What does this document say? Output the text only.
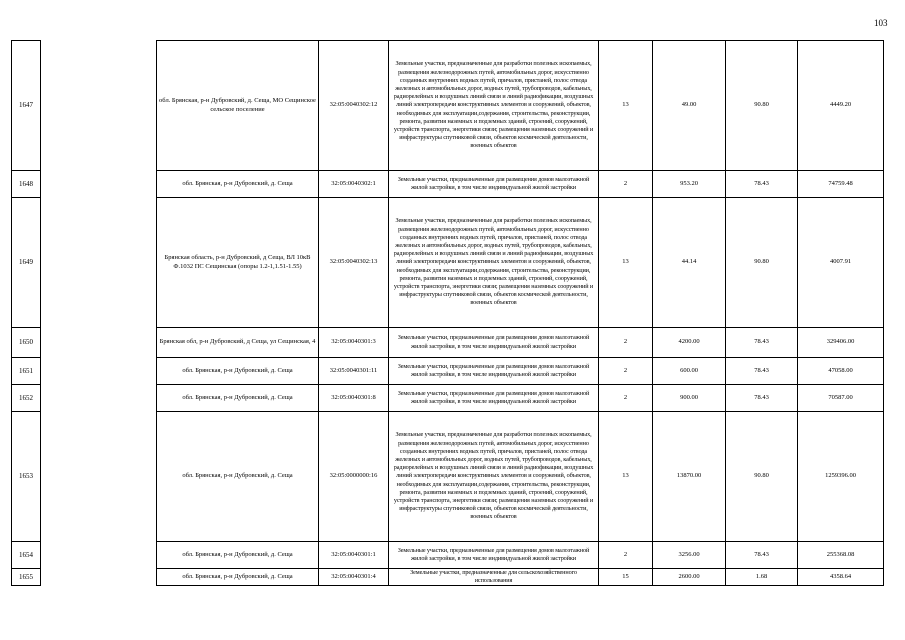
103
1647		обл. Брянская, р-н Дубровский, д. Сеща, МО Сещинское сельское поселение	32:05:0040302:12	Земельные участки, предназначенные для разработки полезных ископаемых, размещения железнодорожных путей, автомобильных дорог, искусственно созданных внутренних водных путей, причалов, пристаней, полос отвода железных и автомобильных дорог, водных путей, трубопроводов, кабельных, радиорелейных и воздушных линий связи и линий радиофикации, воздушных линий электропередачи конструктивных элементов и сооружений, объектов, необходимых для эксплуатации,содержания, строительства, реконструкции, ремонта, развития наземных и подземных зданий, строений, сооружений, устройств транспорта, энергетики связи; размещения наземных сооружений и инфраструктуры спутниковой связи, объектов космической деятельности, военных объектов	13	49.00	90.80	4449.20
1648		обл. Брянская, р-н Дубровский, д. Сеща	32:05:0040302:1	Земельные участки, предназначенные для размещения домов малоэтажной жилой застройки, в том числе индивидуальной жилой застройки	2	953.20	78.43	74759.48
1649		Брянская область, р-н Дубровский, д Сеща, ВЛ 10кВ Ф.1032 ПС Сещинская (опоры 1.2-1,1.51-1.55)	32:05:0040302:13	Земельные участки, предназначенные для разработки полезных ископаемых, размещения железнодорожных путей, автомобильных дорог, искусственно созданных внутренних водных путей, причалов, пристаней, полос отвода железных и автомобильных дорог, водных путей, трубопроводов, кабельных, радиорелейных и воздушных линий связи и линий радиофикации, воздушных линий электропередачи конструктивных элементов и сооружений, объектов, необходимых для эксплуатации,содержания, строительства, реконструкции, ремонта, развития наземных и подземных зданий, строений, сооружений, устройств транспорта, энергетики связи; размещения наземных сооружений и инфраструктуры спутниковой связи, объектов космической деятельности, военных объектов	13	44.14	90.80	4007.91
1650		Брянская обл, р-н Дубровский, д Сеща, ул Сещинская, 4	32:05:0040301:3	Земельные участки, предназначенные для размещения домов малоэтажной жилой застройки, в том числе индивидуальной жилой застройки	2	4200.00	78.43	329406.00
1651		обл. Брянская, р-н Дубровский, д. Сеща	32:05:0040301:11	Земельные участки, предназначенные для размещения домов малоэтажной жилой застройки, в том числе индивидуальной жилой застройки	2	600.00	78.43	47058.00
1652		обл. Брянская, р-н Дубровский, д. Сеща	32:05:0040301:8	Земельные участки, предназначенные для размещения домов малоэтажной жилой застройки, в том числе индивидуальной жилой застройки	2	900.00	78.43	70587.00
1653		обл. Брянская, р-н Дубровский, д. Сеща	32:05:0000000:16	Земельные участки, предназначенные для разработки полезных ископаемых, размещения железнодорожных путей, автомобильных дорог, искусственно созданных внутренних водных путей, причалов, пристаней, полос отвода железных и автомобильных дорог, водных путей, трубопроводов, кабельных, радиорелейных и воздушных линий связи и линий радиофикации, воздушных линий электропередачи конструктивных элементов и сооружений, объектов, необходимых для эксплуатации,содержания, строительства, реконструкции, ремонта, развития наземных и подземных зданий, строений, сооружений, устройств транспорта, энергетики связи; размещения наземных сооружений и инфраструктуры спутниковой связи, объектов космической деятельности, военных объектов	13	13870.00	90.80	1259396.00
1654		обл. Брянская, р-н Дубровский, д. Сеща	32:05:0040301:1	Земельные участки, предназначенные для размещения домов малоэтажной жилой застройки, в том числе индивидуальной жилой застройки	2	3256.00	78.43	255368.08
1655		обл. Брянская, р-н Дубровский, д. Сеща	32:05:0040301:4	Земельные участки, предназначенные для сельскохозяйственного использования	15	2600.00	1.68	4358.64
